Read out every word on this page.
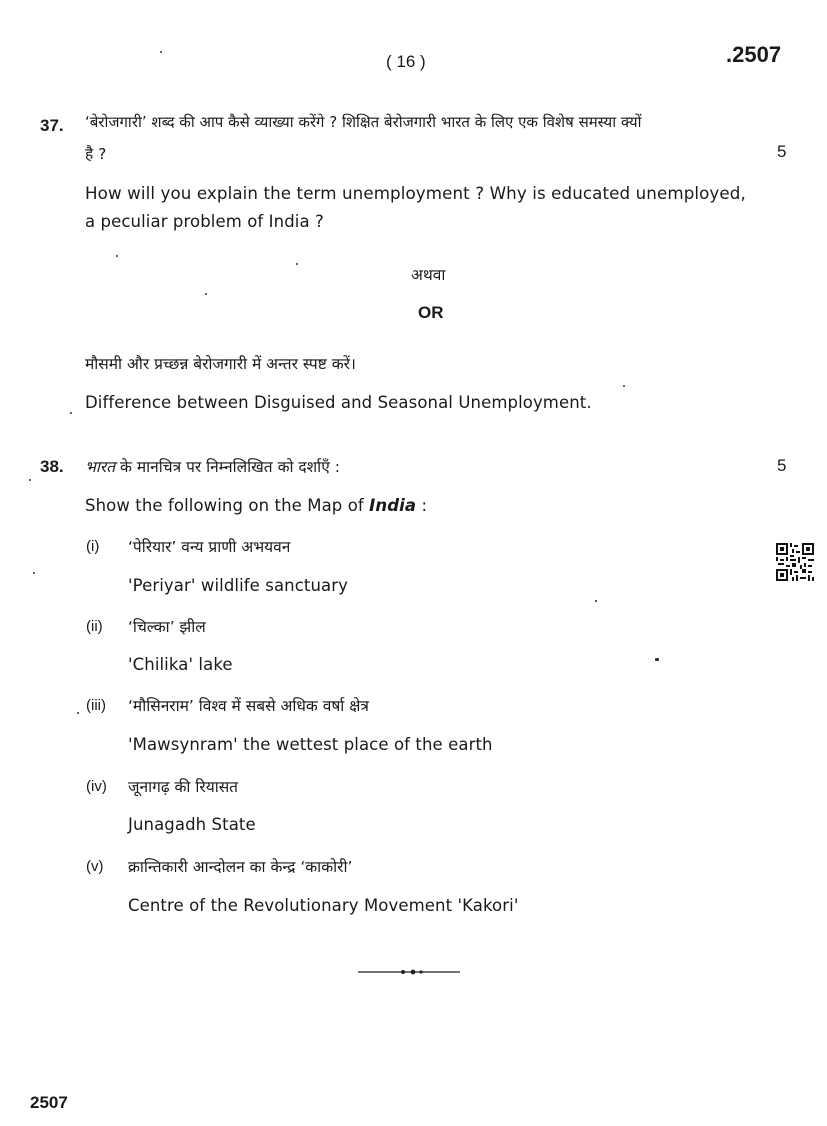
( 16 )	.2507
37. ‘बेरोजगारी’ शब्द की आप कैसे व्याख्या करेंगे ? शिक्षित बेरोजगारी भारत के लिए एक विशेष समस्या क्यों
है ?	5
How will you explain the term unemployment ? Why is educated unemployed,
a peculiar problem of India ?
अथवा
OR
मौसमी और प्रच्छन्न बेरोजगारी में अन्तर स्पष्ट करें।
Difference between Disguised and Seasonal Unemployment.
38. भारत के मानचित्र पर निम्नलिखित को दर्शाएँ :	5
Show the following on the Map of India :
(i) ‘पेरियार’ वन्य प्राणी अभयवन
'Periyar' wildlife sanctuary
(ii) ‘चिल्का’ झील
'Chilika' lake
(iii) ‘मौसिनराम’ विश्व में सबसे अधिक वर्षा क्षेत्र
'Mawsynram' the wettest place of the earth
(iv) जूनागढ़ की रियासत
Junagadh State
(v) क्रान्तिकारी आन्दोलन का केन्द्र ‘काकोरी’
Centre of the Revolutionary Movement 'Kakori'
2507
